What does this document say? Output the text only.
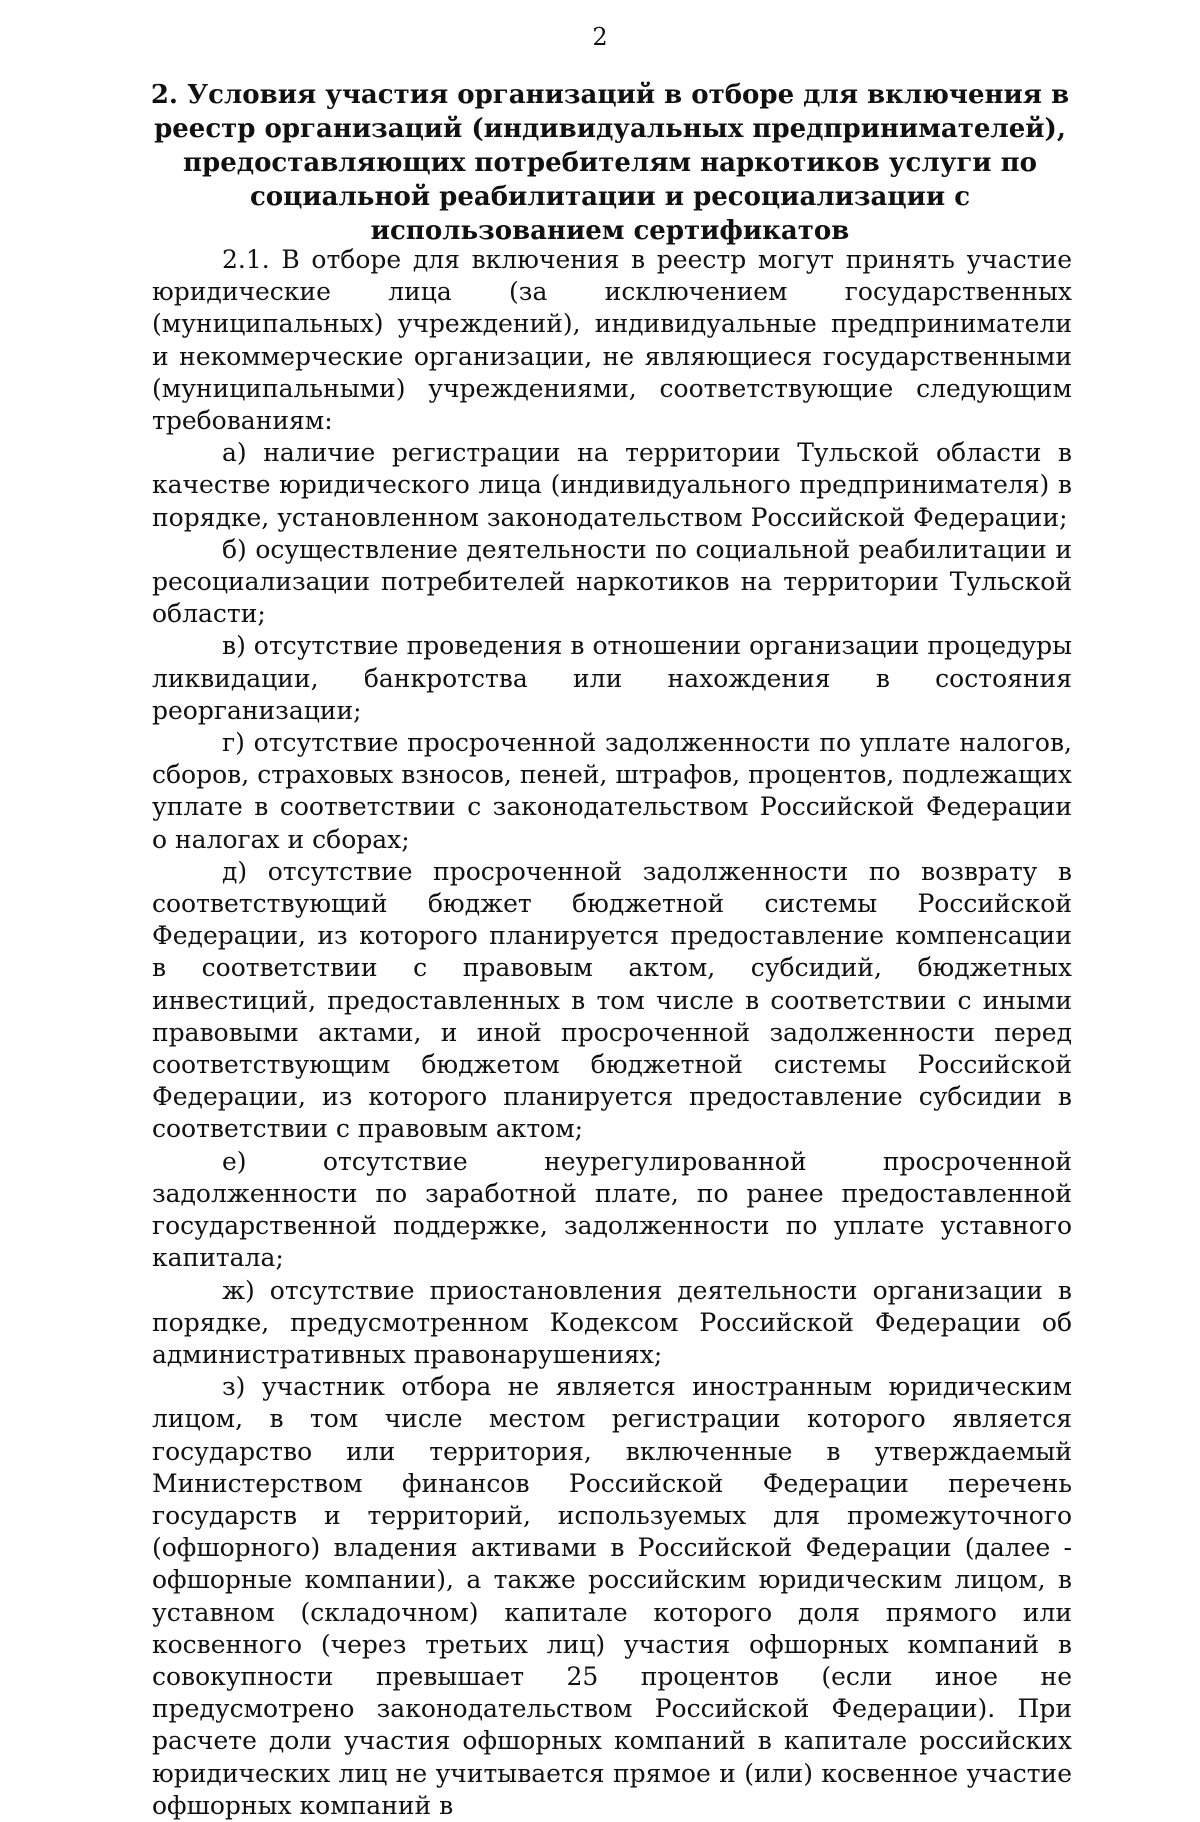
2
2. Условия участия организаций в отборе для включения в реестр организаций (индивидуальных предпринимателей), предоставляющих потребителям наркотиков услуги по социальной реабилитации и ресоциализации с использованием сертификатов

2.1. В отборе для включения в реестр могут принять участие юридические лица (за исключением государственных (муниципальных) учреждений), индивидуальные предприниматели и некоммерческие организации, не являющиеся государственными (муниципальными) учреждениями, соответствующие следующим требованиям:

а) наличие регистрации на территории Тульской области в качестве юридического лица (индивидуального предпринимателя) в порядке, установленном законодательством Российской Федерации;

б) осуществление деятельности по социальной реабилитации и ресоциализации потребителей наркотиков на территории Тульской области;

в) отсутствие проведения в отношении организации процедуры ликвидации, банкротства или нахождения в состояния реорганизации;

г) отсутствие просроченной задолженности по уплате налогов, сборов, страховых взносов, пеней, штрафов, процентов, подлежащих уплате в соответствии с законодательством Российской Федерации о налогах и сборах;

д) отсутствие просроченной задолженности по возврату в соответствующий бюджет бюджетной системы Российской Федерации, из которого планируется предоставление компенсации в соответствии с правовым актом, субсидий, бюджетных инвестиций, предоставленных в том числе в соответствии с иными правовыми актами, и иной просроченной задолженности перед соответствующим бюджетом бюджетной системы Российской Федерации, из которого планируется предоставление субсидии в соответствии с правовым актом;

е) отсутствие неурегулированной просроченной задолженности по заработной плате, по ранее предоставленной государственной поддержке, задолженности по уплате уставного капитала;

ж) отсутствие приостановления деятельности организации в порядке, предусмотренном Кодексом Российской Федерации об административных правонарушениях;

з) участник отбора не является иностранным юридическим лицом, в том числе местом регистрации которого является государство или территория, включенные в утверждаемый Министерством финансов Российской Федерации перечень государств и территорий, используемых для промежуточного (офшорного) владения активами в Российской Федерации (далее - офшорные компании), а также российским юридическим лицом, в уставном (складочном) капитале которого доля прямого или косвенного (через третьих лиц) участия офшорных компаний в совокупности превышает 25 процентов (если иное не предусмотрено законодательством Российской Федерации). При расчете доли участия офшорных компаний в капитале российских юридических лиц не учитывается прямое и (или) косвенное участие офшорных компаний в
